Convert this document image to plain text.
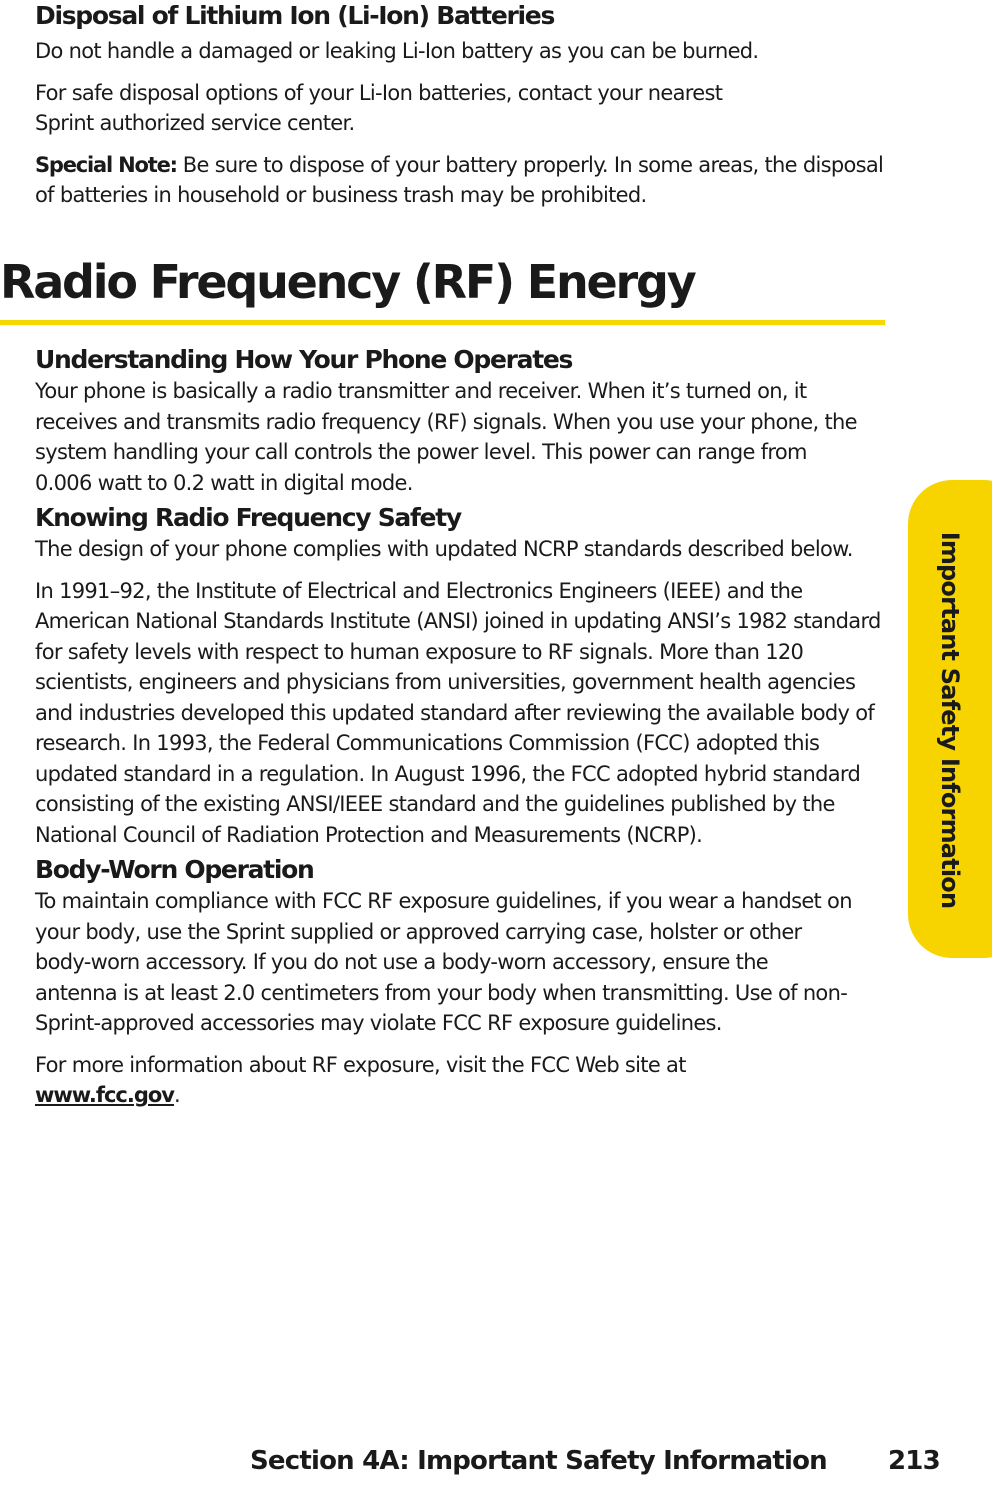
Disposal of Lithium Ion (Li-Ion) Batteries

Do not handle a damaged or leaking Li-Ion battery as you can be burned.

For safe disposal options of your Li-Ion batteries, contact your nearest
Sprint authorized service center.

Special Note: Be sure to dispose of your battery properly. In some areas, the disposal of batteries in household or business trash may be prohibited.

Radio Frequency (RF) Energy
Understanding How Your Phone Operates

Your phone is basically a radio transmitter and receiver. When it’s turned on, it receives and transmits radio frequency (RF) signals. When you use your phone, the system handling your call controls the power level. This power can range from 0.006 watt to 0.2 watt in digital mode.

Knowing Radio Frequency Safety

The design of your phone complies with updated NCRP standards described below.

In 1991–92, the Institute of Electrical and Electronics Engineers (IEEE) and the American National Standards Institute (ANSI) joined in updating ANSI’s 1982 standard for safety levels with respect to human exposure to RF signals. More than 120 scientists, engineers and physicians from universities, government health agencies and industries developed this updated standard after reviewing the available body of research. In 1993, the Federal Communications Commission (FCC) adopted this updated standard in a regulation. In August 1996, the FCC adopted hybrid standard consisting of the existing ANSI/IEEE standard and the guidelines published by the National Council of Radiation Protection and Measurements (NCRP).

Body-Worn Operation

To maintain compliance with FCC RF exposure guidelines, if you wear a handset on your body, use the Sprint supplied or approved carrying case, holster or other body-worn accessory. If you do not use a body-worn accessory, ensure the antenna is at least 2.0 centimeters from your body when transmitting. Use of non-Sprint-approved accessories may violate FCC RF exposure guidelines.

For more information about RF exposure, visit the FCC Web site at
www.fcc.gov.

Important Safety Information
Section 4A: Important Safety Information 213
